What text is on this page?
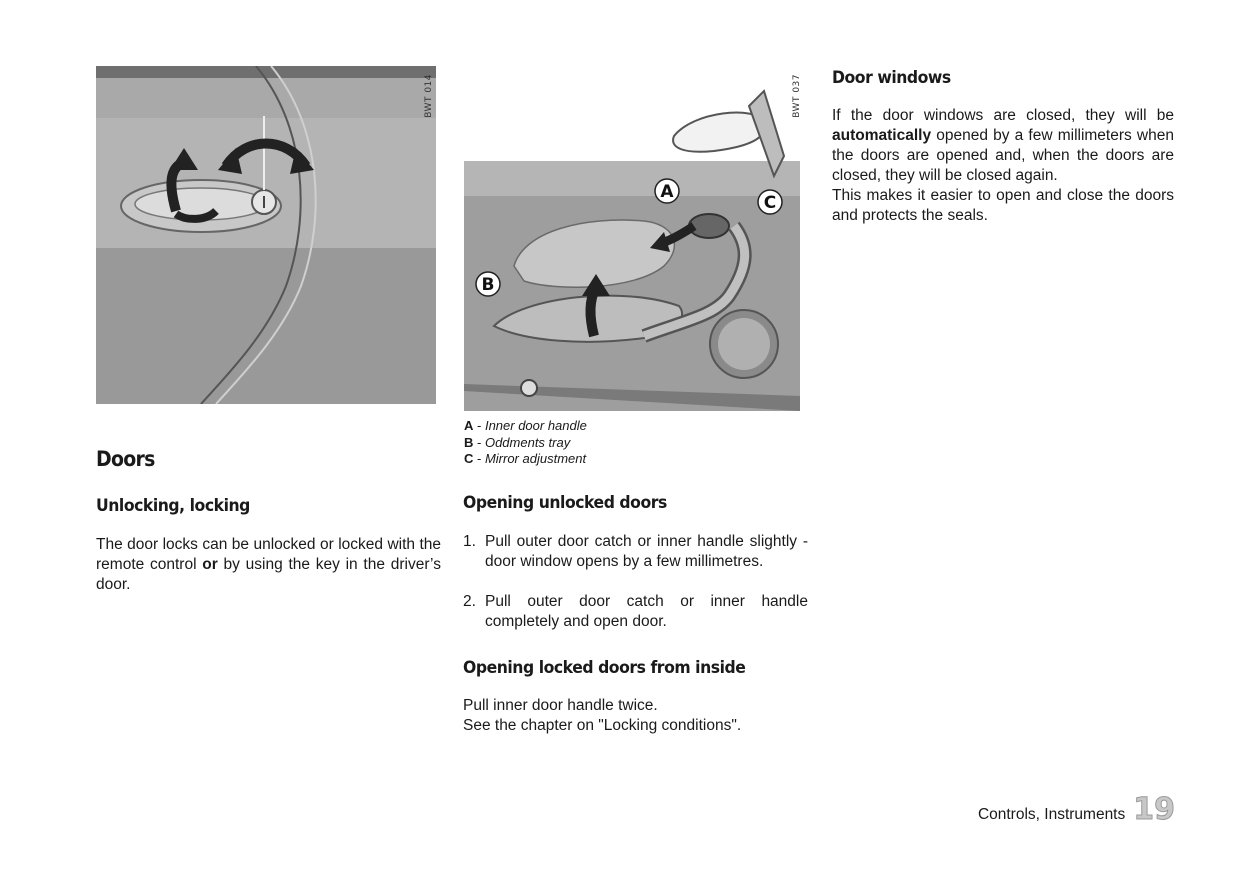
BWT 014
A
B
C
BWT 037
A - Inner door handle
B - Oddments tray
C - Mirror adjustment
Doors
Unlocking, locking

The door locks can be unlocked or locked with the remote control or by using the key in the driver’s door.

Opening unlocked doors
1. Pull outer door catch or inner handle slightly - door window opens by a few millimetres.
2. Pull outer door catch or inner handle completely and open door.
Opening locked doors from inside

Pull inner door handle twice.

See the chapter on "Locking conditions".

Door windows

If the door windows are closed, they will be automatically opened by a few millimeters when the doors are opened and, when the doors are closed, they will be closed again.

This makes it easier to open and close the doors and protects the seals.

Controls, Instruments 19
